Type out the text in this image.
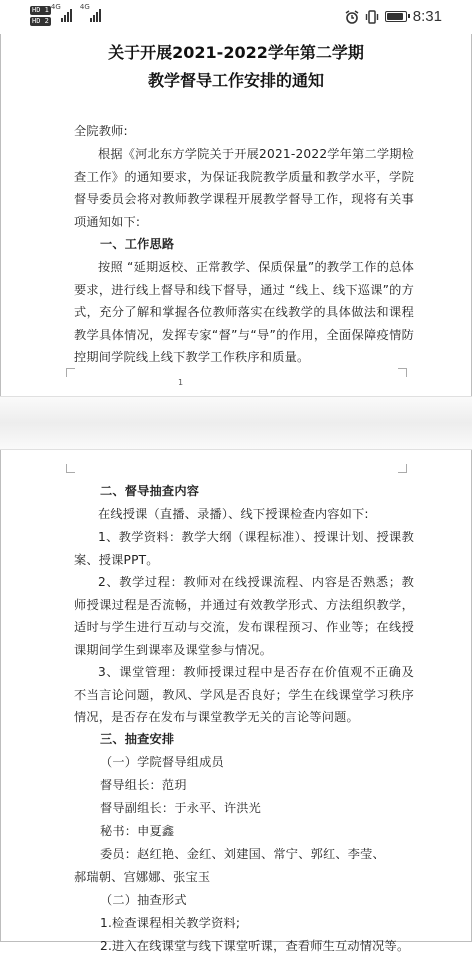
HD 1
HD 2
4G	4G
8:31
关于开展2021-2022学年第二学期
教学督导工作安排的通知
全院教师:
根据《河北东方学院关于开展2021-2022学年第二学期检查工作》的通知要求，为保证我院教学质量和教学水平，学院督导委员会将对教师教学课程开展教学督导工作，现将有关事项通知如下:
一、工作思路
按照 “延期返校、正常教学、保质保量”的教学工作的总体要求，进行线上督导和线下督导，通过 “线上、线下巡课”的方式，充分了解和掌握各位教师落实在线教学的具体做法和课程教学具体情况，发挥专家“督”与“导”的作用，全面保障疫情防控期间学院线上线下教学工作秩序和质量。
1
二、督导抽查内容
在线授课（直播、录播）、线下授课检查内容如下:
1、教学资料：教学大纲（课程标准）、授课计划、授课教案、授课PPT。
2、教学过程：教师对在线授课流程、内容是否熟悉；教师授课过程是否流畅，并通过有效教学形式、方法组织教学，适时与学生进行互动与交流，发布课程预习、作业等；在线授课期间学生到课率及课堂参与情况。
3、课堂管理：教师授课过程中是否存在价值观不正确及不当言论问题，教风、学风是否良好；学生在线课堂学习秩序情况，是否存在发布与课堂教学无关的言论等问题。
三、抽查安排
（一）学院督导组成员
督导组长：范玥
督导副组长：于永平、许洪光
秘书：申夏鑫
委员：赵红艳、金红、刘建国、常宁、郭红、李莹、
郝瑞朝、宫娜娜、张宝玉
（二）抽查形式
1.检查课程相关教学资料;
2.进入在线课堂与线下课堂听课，查看师生互动情况等。
